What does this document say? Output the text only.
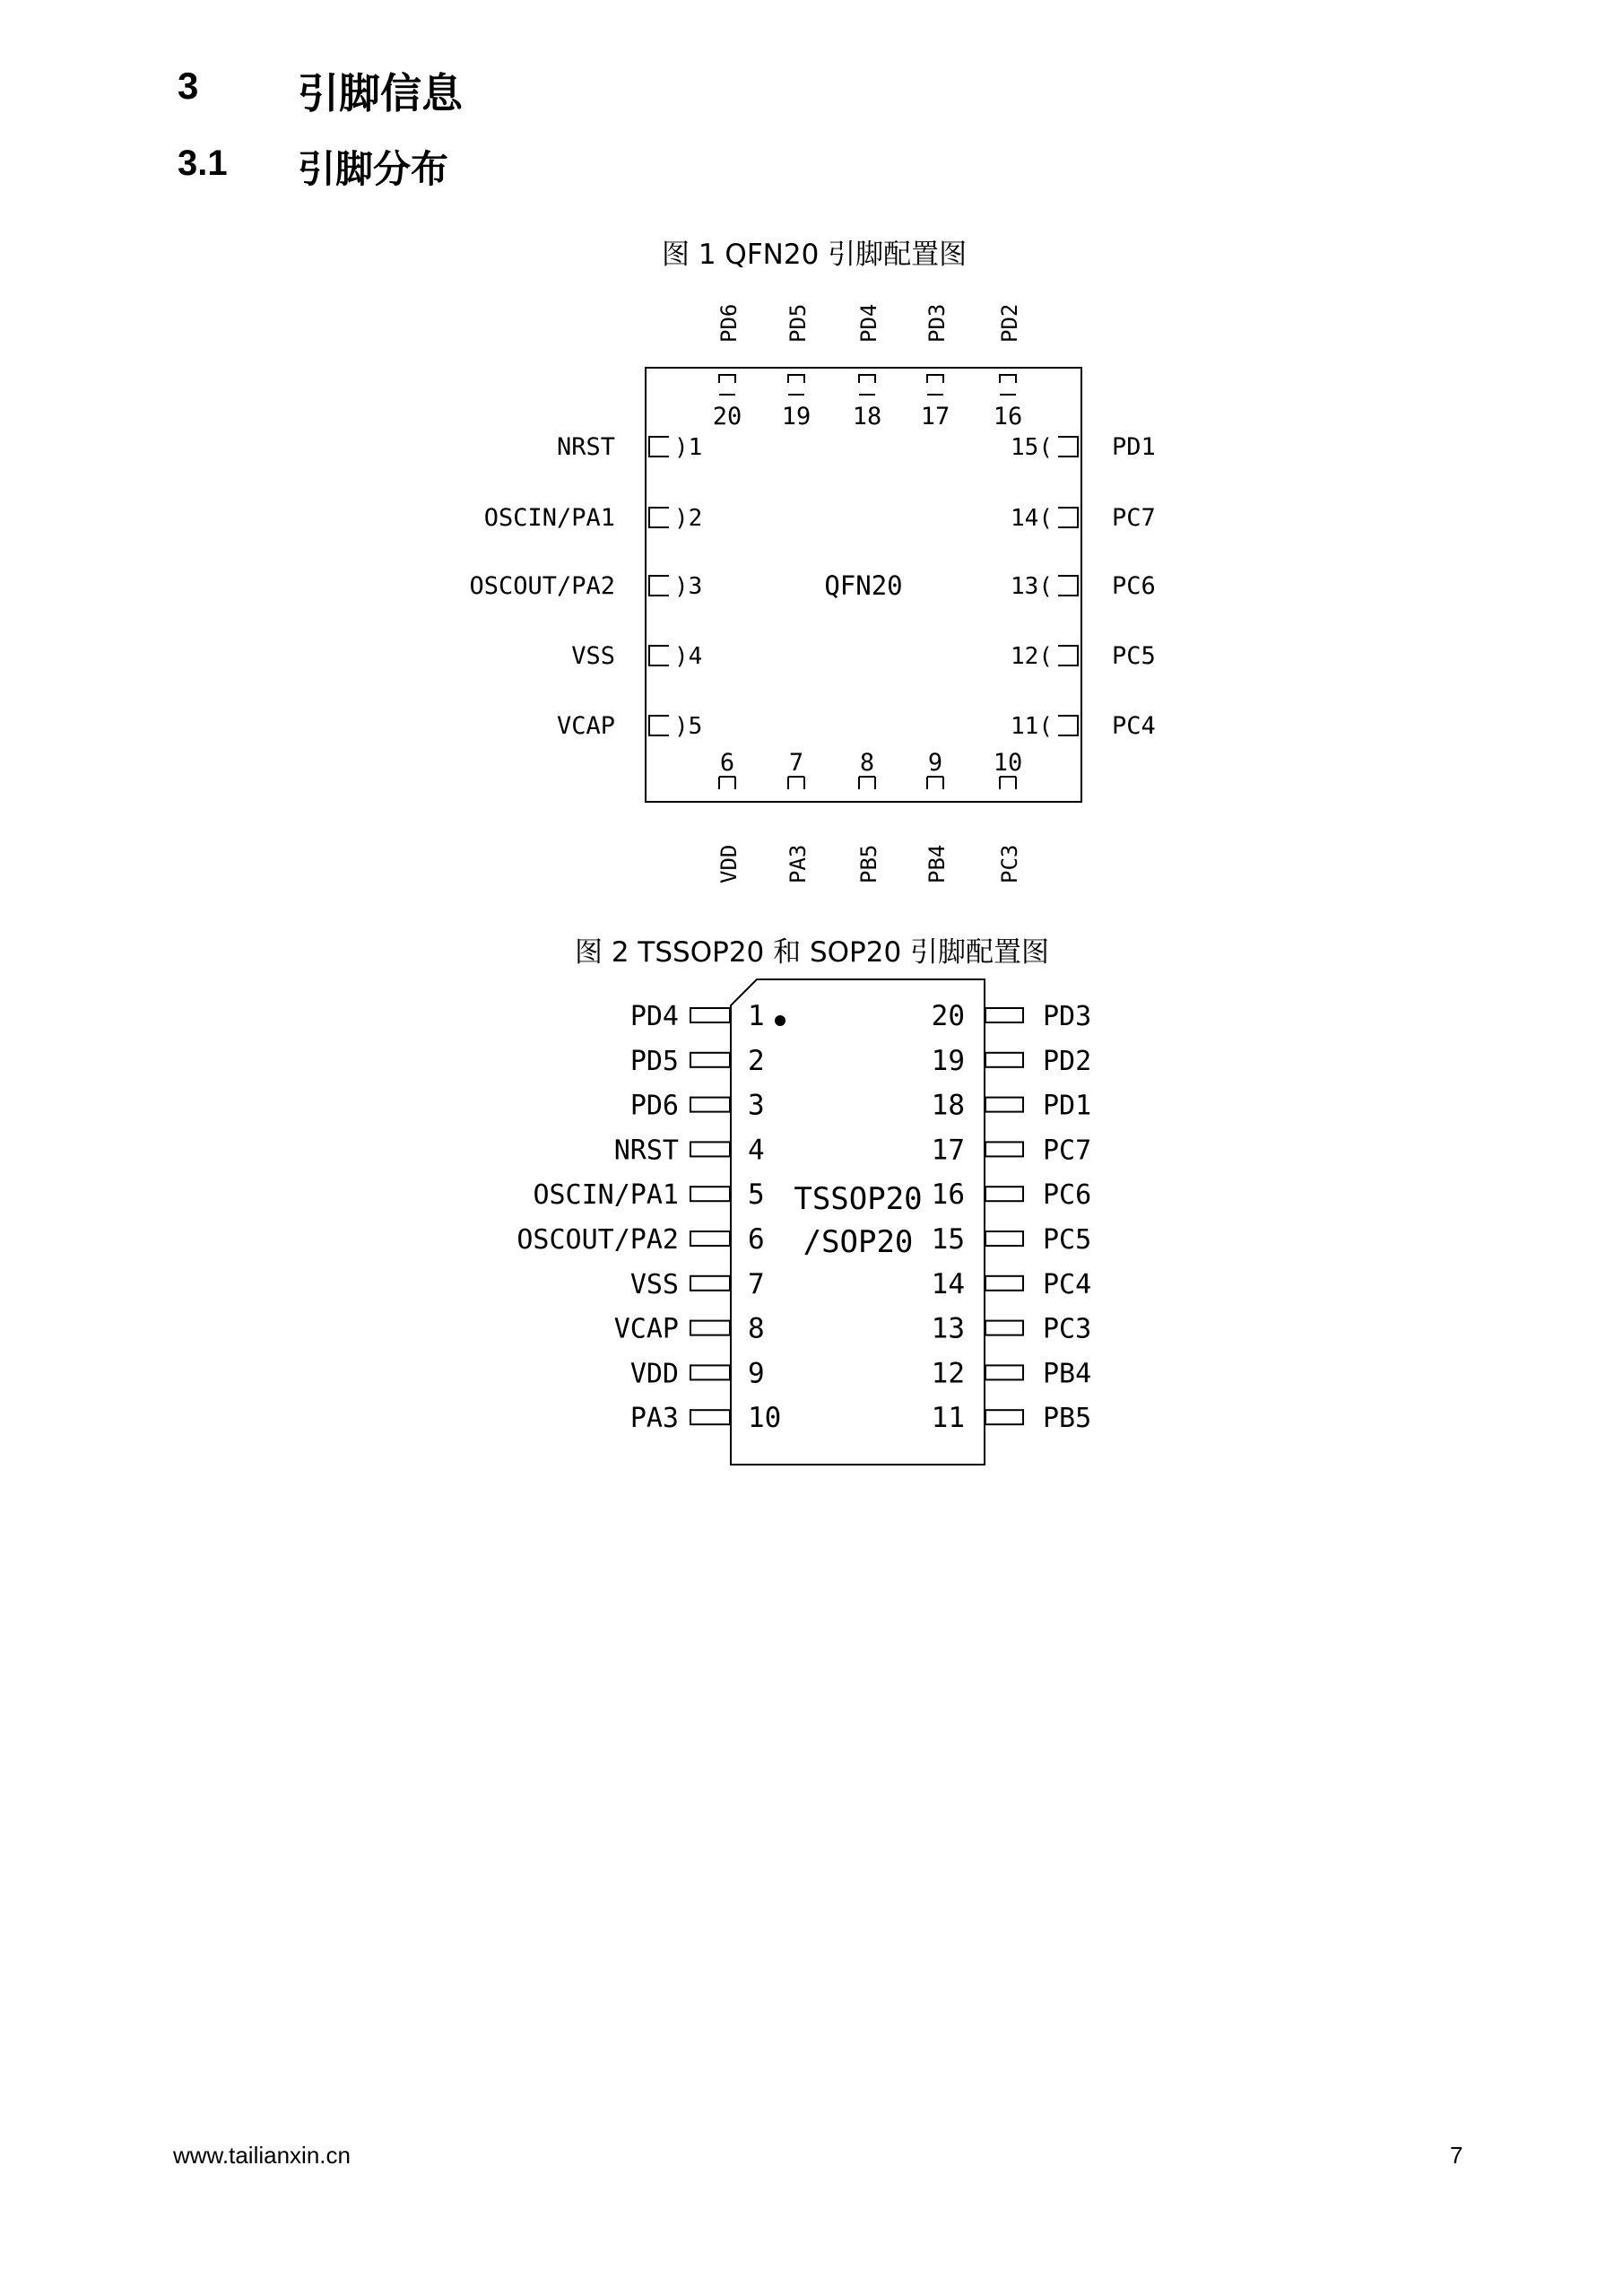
3 引脚信息
3.1 引脚分布
图 1 QFN20 引脚配置图
QFN20
20
PD6
19
PD5
18
PD4
17
PD3
16
PD2
)1
NRST
)2
OSCIN/PA1
)3
OSCOUT/PA2
)4
VSS
)5
VCAP
15( PD1
14( PC7
13( PC6
12( PC5
11( PC4
6
VDD
7
PA3
8
PB5
9
PB4
10
PC3
图 2 TSSOP20 和 SOP20 引脚配置图
TSSOP20
/SOP20
1
PD4
2
PD5
3
PD6
4
NRST
5
OSCIN/PA1
6
OSCOUT/PA2
7
VSS
8
VCAP
9
VDD
10
PA3
20	PD3
19	PD2
18	PD1
17	PC7
16	PC6
15	PC5
14	PC4
13	PC3
12	PB4
11	PB5
www.tailianxin.cn	7
